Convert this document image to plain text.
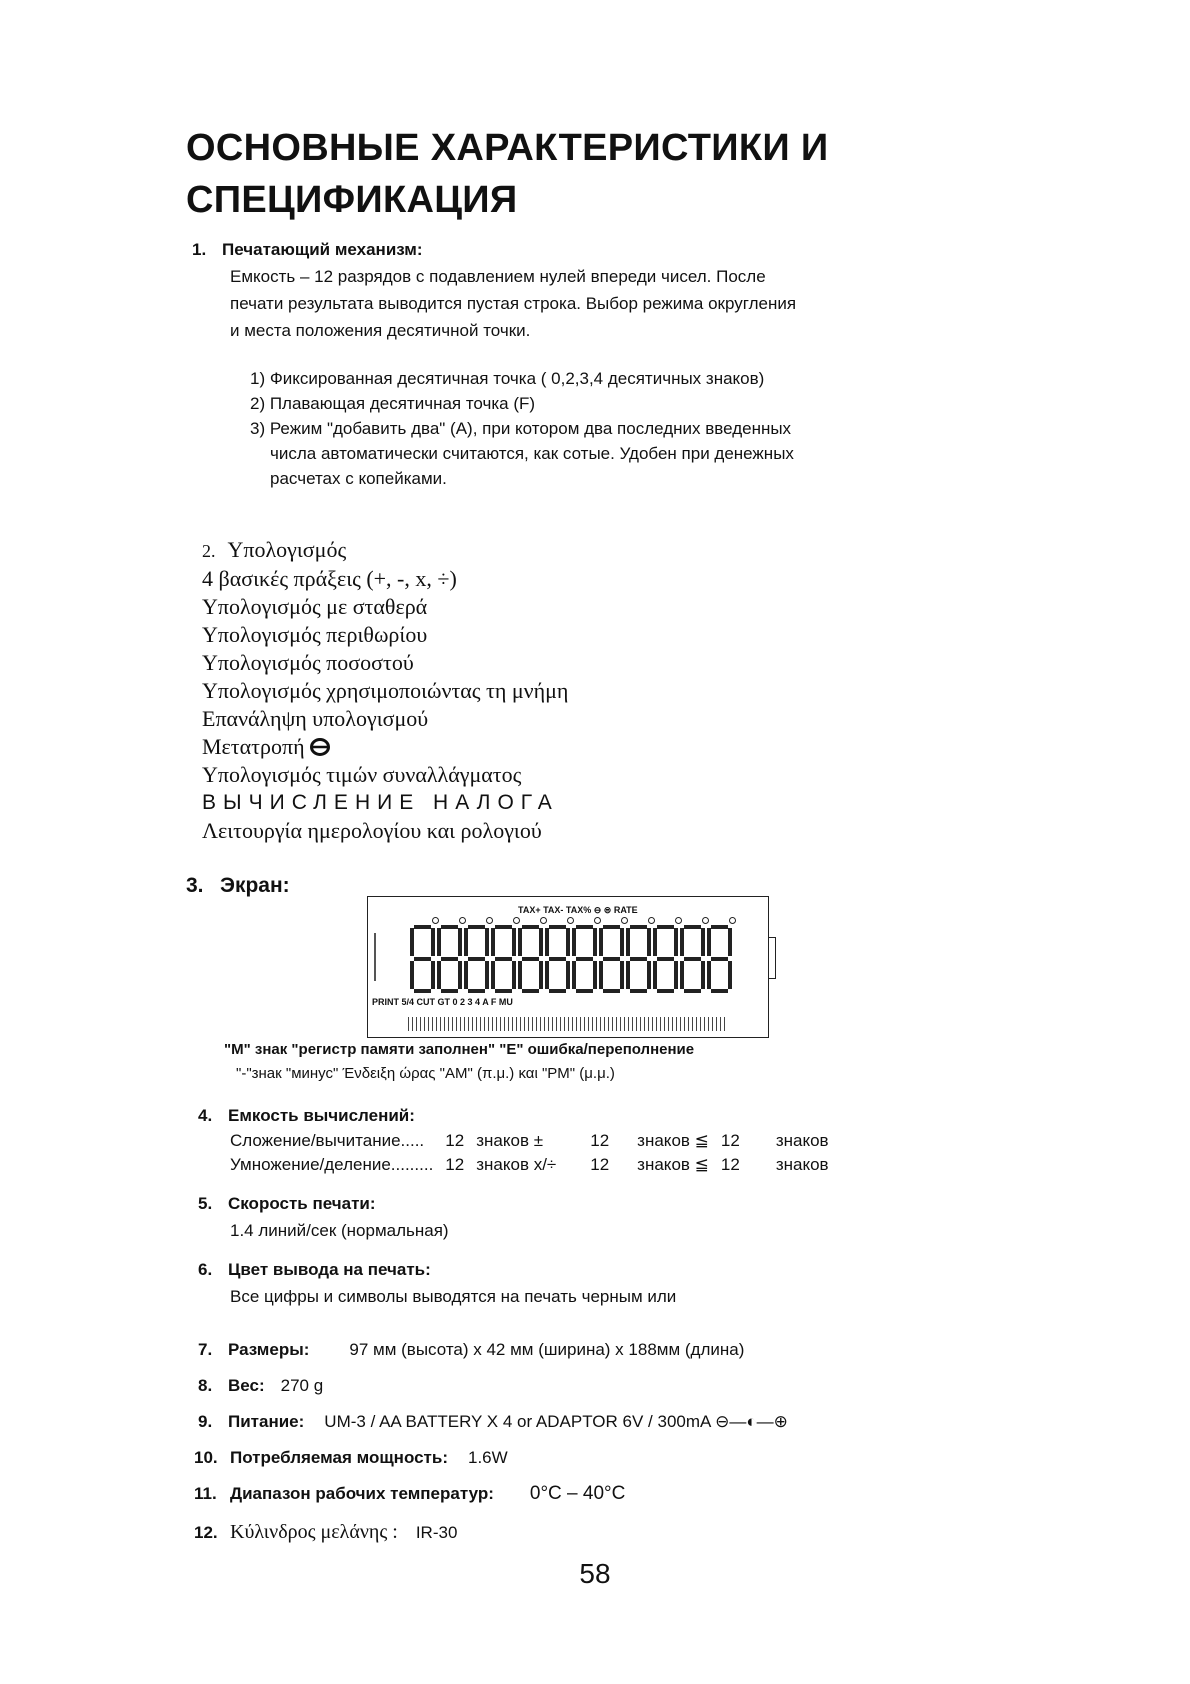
ОСНОВНЫЕ ХАРАКТЕРИСТИКИ И
СПЕЦИФИКАЦИЯ
1. Печатающий механизм:
Емкость – 12 разрядов с подавлением нулей впереди чисел. После
печати результата выводится пустая строка. Выбор режима округления
и места положения десятичной точки.
1) Фиксированная десятичная точка ( 0,2,3,4 десятичных знаков)
2) Плавающая десятичная точка (F)
3) Режим "добавить два" (А), при котором два последних введенных
числа автоматически считаются, как сотые. Удобен при денежных
расчетах с копейками.
2. Υπολογισμός
4 βασικές πράξεις (+, -, x, ÷)
Υπολογισμός με σταθερά
Υπολογισμός περιθωρίου
Υπολογισμός ποσοστού
Υπολογισμός χρησιμοποιώντας τη μνήμη
Επανάληψη υπολογισμού
Μετατροπή
Υπολογισμός τιμών συναλλάγματος
ВЫЧИСЛЕНИЕ НАЛОГА
Λειτουργία ημερολογίου και ρολογιού
3. Экран:
TAX+ TAX- TAX% ⊖ ⊜ RATE
PRINT 5/4 CUT GT 0 2 3 4 A F MU
"M" знак "регистр памяти заполнен" "E" ошибка/переполнение
"-"знак "минус" Ένδειξη ώρας "AM" (π.μ.) και "PM" (μ.μ.)
4. Емкость вычислений:
Сложение/вычитание.....	12	знаков ±	12	знаков ≦	12	знаков
Умножение/деление.........	12	знаков x/÷	12	знаков ≦	12	знаков
5. Скорость печати:
1.4 линий/сек (нормальная)
6. Цвет вывода на печать:
Все цифры и символы выводятся на печать черным или
7. Размеры: 97 мм (высота) x 42 мм (ширина) x 188мм (длина)
8. Вес: 270 g
9. Питание: UM-3 / AA BATTERY X 4 or ADAPTOR 6V / 300mA ⊖—◐—⊕
10. Потребляемая мощность: 1.6W
11. Диапазон рабочих температур: 0°C – 40°C
12. Κύλινδρος μελάνης : IR-30
58
